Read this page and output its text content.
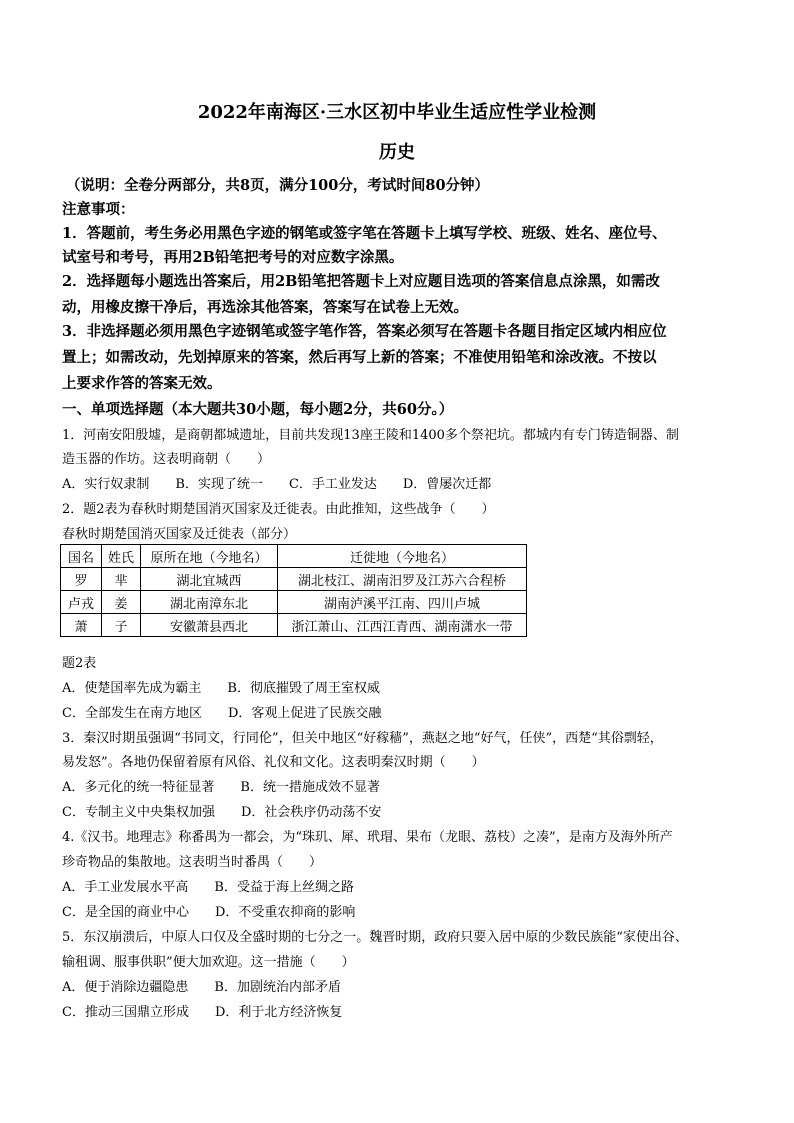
2022年南海区·三水区初中毕业生适应性学业检测
历史
（说明：全卷分两部分，共8页，满分100分，考试时间80分钟）
注意事项：
1．答题前，考生务必用黑色字迹的钢笔或签字笔在答题卡上填写学校、班级、姓名、座位号、
试室号和考号，再用2B铅笔把考号的对应数字涂黑。
2．选择题每小题选出答案后，用2B铅笔把答题卡上对应题目选项的答案信息点涂黑，如需改
动，用橡皮擦干净后，再选涂其他答案，答案写在试卷上无效。
3．非选择题必须用黑色字迹钢笔或签字笔作答，答案必须写在答题卡各题目指定区域内相应位
置上；如需改动，先划掉原来的答案，然后再写上新的答案；不准使用铅笔和涂改液。不按以
上要求作答的答案无效。
一、单项选择题（本大题共30小题，每小题2分，共60分。）
1．河南安阳殷墟，是商朝都城遗址，目前共发现13座王陵和1400多个祭祀坑。都城内有专门铸造铜器、制
造玉器的作坊。这表明商朝（　　）
A．实行奴隶制　　B．实现了统一　　C．手工业发达　　D．曾屡次迁都
2．题2表为春秋时期楚国消灭国家及迁徙表。由此推知，这些战争（　　）
春秋时期楚国消灭国家及迁徙表（部分）
国名	姓氏	原所在地（今地名）	迁徙地（今地名）
罗	芈	湖北宜城西	湖北枝江、湖南汨罗及江苏六合程桥
卢戎	姜	湖北南漳东北	湖南泸溪平江南、四川卢城
萧	子	安徽萧县西北	浙江萧山、江西江青西、湖南潇水一带
题2表
A．使楚国率先成为霸主　　B．彻底摧毁了周王室权威
C．全部发生在南方地区　　D．客观上促进了民族交融
3．秦汉时期虽强调“书同文，行同伦”，但关中地区“好稼穑”，燕赵之地“好气，任侠”，西楚“其俗剽轻，
易发怒”。各地仍保留着原有风俗、礼仪和文化。这表明秦汉时期（　　）
A．多元化的统一特征显著　　B．统一措施成效不显著
C．专制主义中央集权加强　　D．社会秩序仍动荡不安
4.《汉书。地理志》称番禺为一都会，为“珠玑、犀、玳瑁、果布（龙眼、荔枝）之凑”，是南方及海外所产
珍奇物品的集散地。这表明当时番禺（　　）
A．手工业发展水平高　　B．受益于海上丝绸之路
C．是全国的商业中心　　D．不受重农抑商的影响
5．东汉崩溃后，中原人口仅及全盛时期的七分之一。魏晋时期，政府只要入居中原的少数民族能“家使出谷、
输租调、服事供职”便大加欢迎。这一措施（　　）
A．便于消除边疆隐患　　B．加剧统治内部矛盾
C．推动三国鼎立形成　　D．利于北方经济恢复
